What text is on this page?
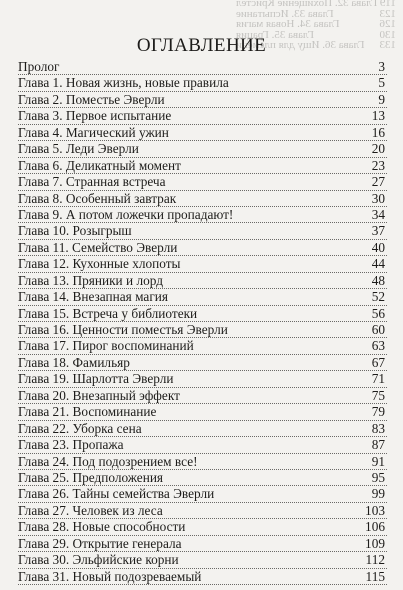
Глава 32. Похищение Кристел 119
Глава 33. Испытание	123
Глава 34. Новая магия	126
Глава 35. Грация	130
Глава 36. Ищу для племени 133
ОГЛАВЛЕНИЕ
Пролог	3
Глава 1. Новая жизнь, новые правила	5
Глава 2. Поместье Эверли	9
Глава 3. Первое испытание	13
Глава 4. Магический ужин	16
Глава 5. Леди Эверли	20
Глава 6. Деликатный момент	23
Глава 7. Странная встреча	27
Глава 8. Особенный завтрак	30
Глава 9. А потом ложечки пропадают!	34
Глава 10. Розыгрыш	37
Глава 11. Семейство Эверли	40
Глава 12. Кухонные хлопоты	44
Глава 13. Пряники и лорд	48
Глава 14. Внезапная магия	52
Глава 15. Встреча у библиотеки	56
Глава 16. Ценности поместья Эверли	60
Глава 17. Пирог воспоминаний	63
Глава 18. Фамильяр	67
Глава 19. Шарлотта Эверли	71
Глава 20. Внезапный эффект	75
Глава 21. Воспоминание	79
Глава 22. Уборка сена	83
Глава 23. Пропажа	87
Глава 24. Под подозрением все!	91
Глава 25. Предположения	95
Глава 26. Тайны семейства Эверли	99
Глава 27. Человек из леса	103
Глава 28. Новые способности	106
Глава 29. Открытие генерала	109
Глава 30. Эльфийские корни	112
Глава 31. Новый подозреваемый	115
